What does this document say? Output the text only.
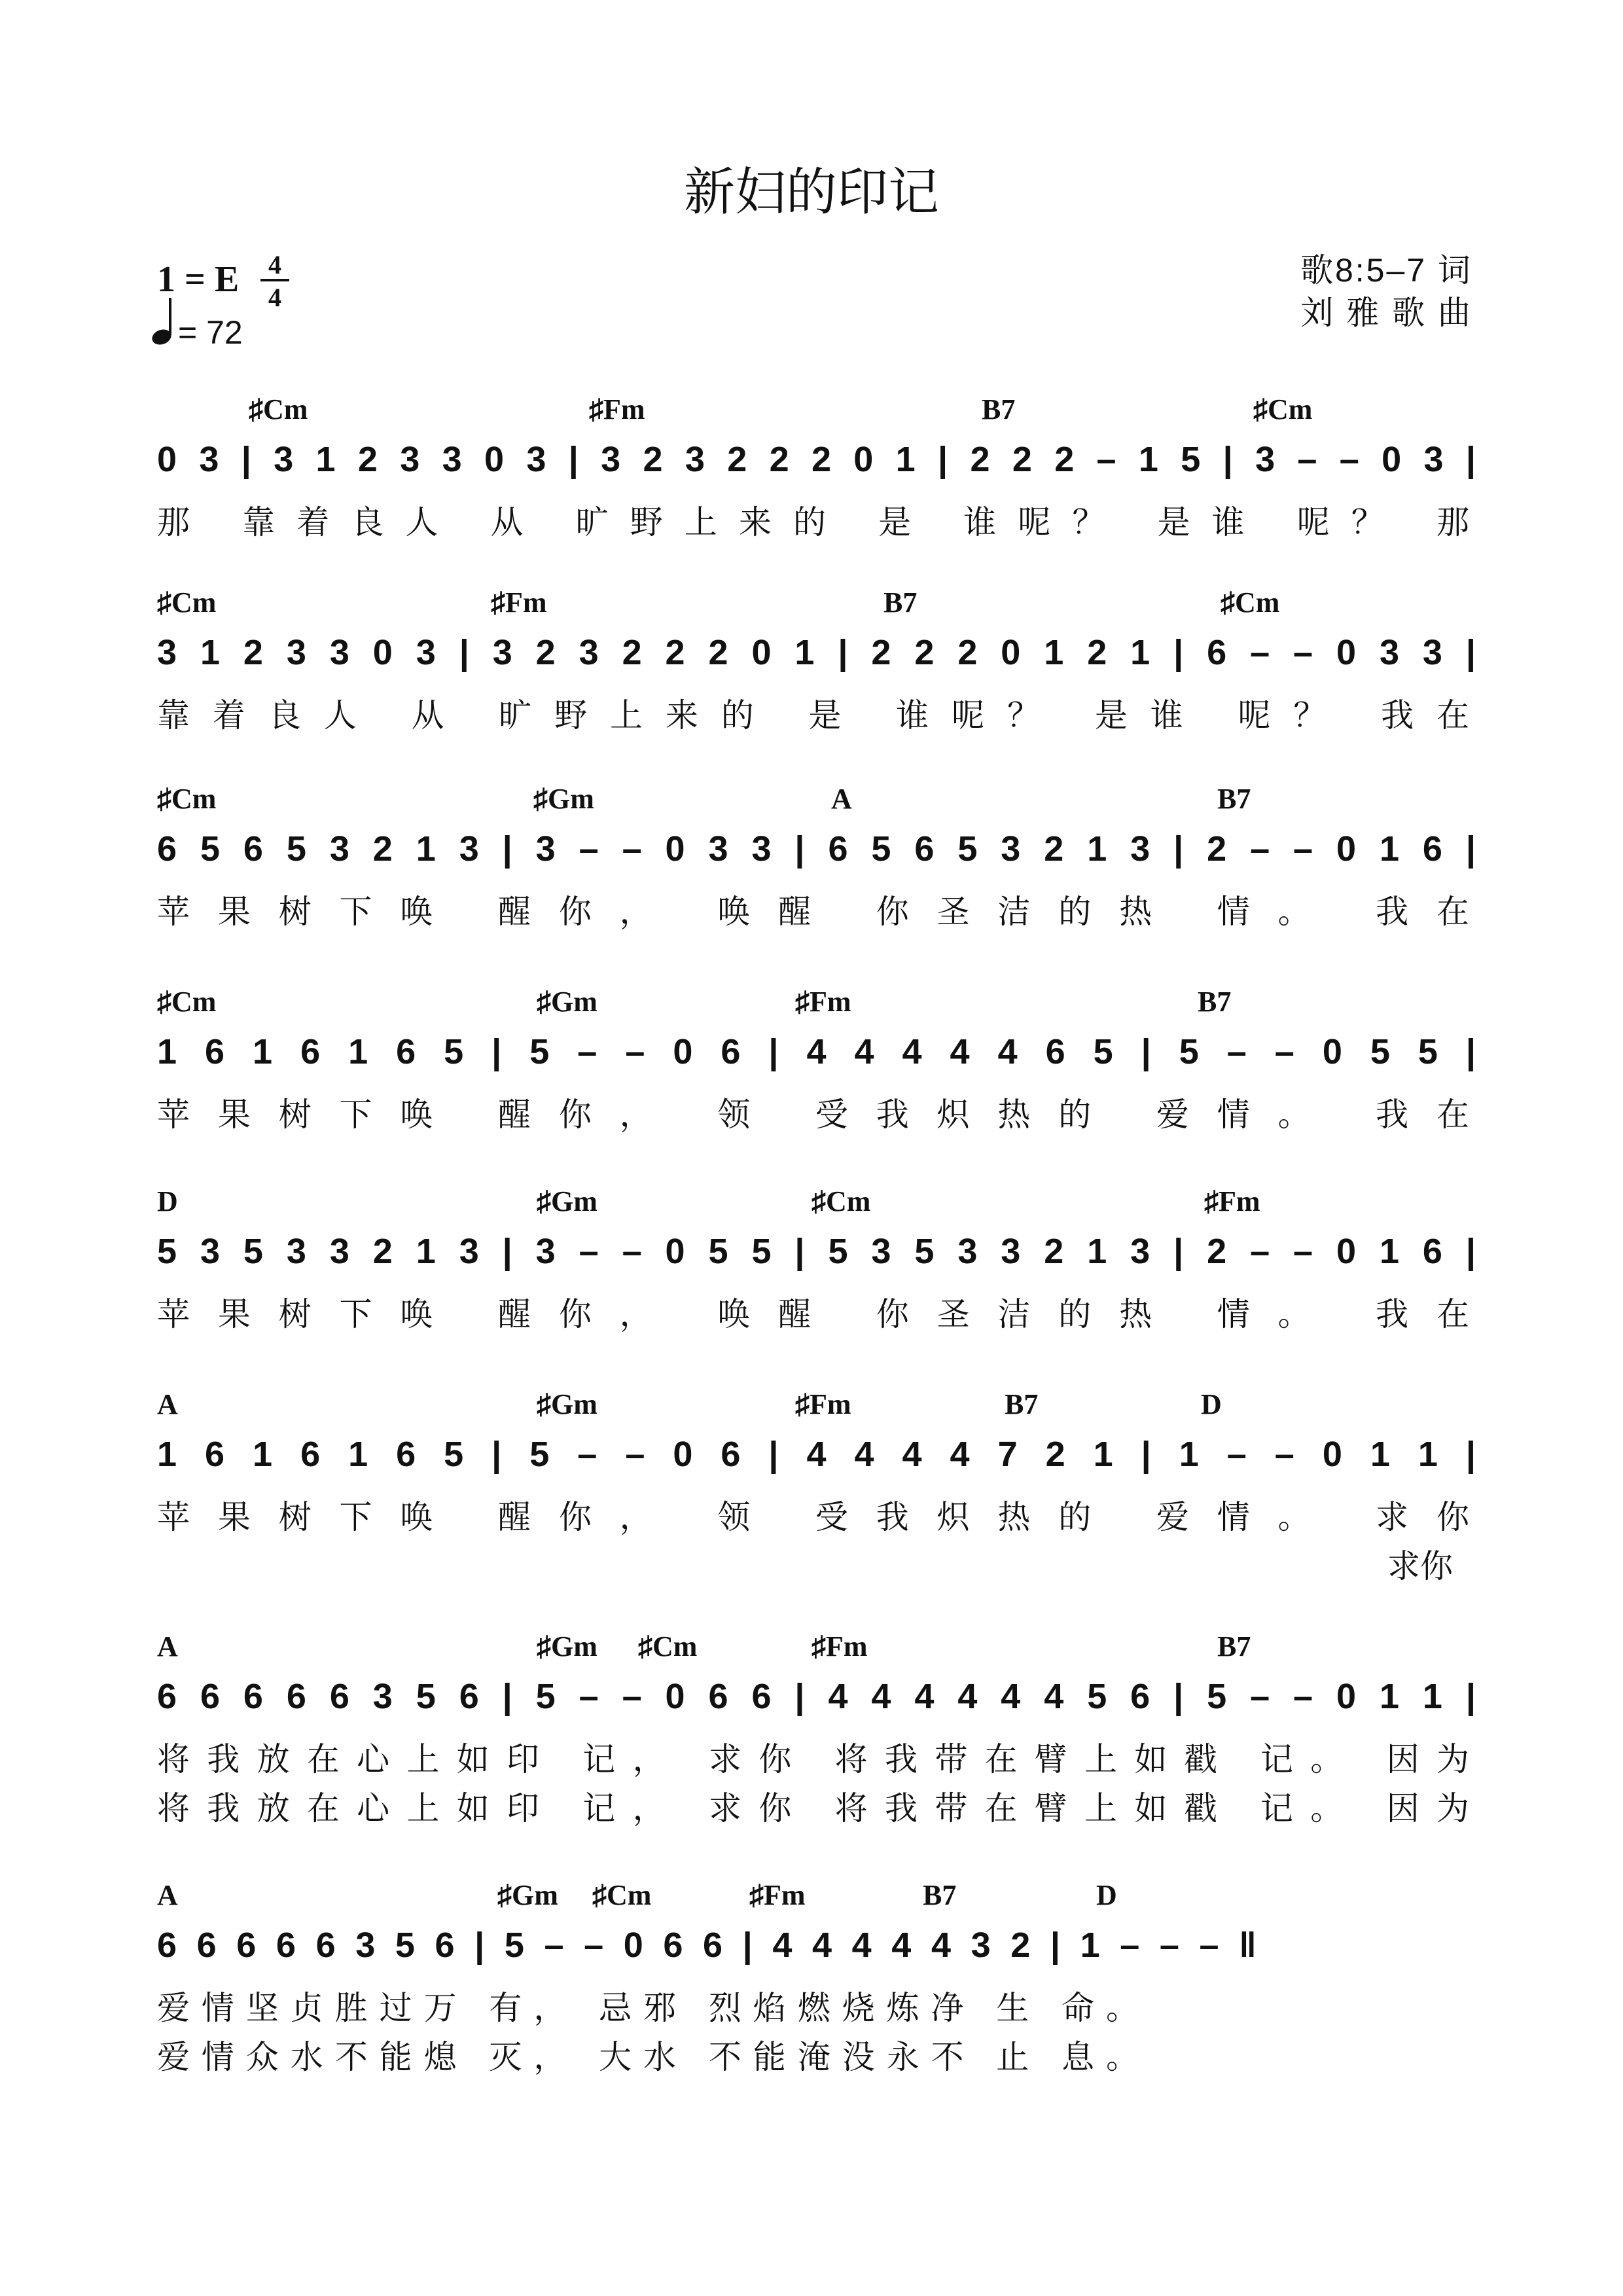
新妇的印记
1 = E 4
4
= 72
歌8:5–7 词
刘 雅 歌 曲
♯Cm	♯Fm	B7	♯Cm
0 3 | 3 1 2 3 3 0 3 | 3 2 3 2 2 2 0 1 | 2 2 2 – 1 5 | 3 – – 0 3 |
那 靠着良人 从 旷野上来的 是 谁呢？ 是谁 呢？ 那
♯Cm	♯Fm	B7	♯Cm
3 1 2 3 3 0 3 | 3 2 3 2 2 2 0 1 | 2 2 2 0 1 2 1 | 6 – – 0 3 3 |
靠着良人 从 旷野上来的 是 谁呢？ 是谁 呢？ 我在
♯Cm	♯Gm	A	B7
6 5 6 5 3 2 1 3 | 3 – – 0 3 3 | 6 5 6 5 3 2 1 3 | 2 – – 0 1 6 |
苹果树下唤 醒你， 唤醒 你圣洁的热 情。 我在
♯Cm	♯Gm	♯Fm	B7
1 6 1 6 1 6 5 | 5 – – 0 6 | 4 4 4 4 4 6 5 | 5 – – 0 5 5 |
苹果树下唤 醒你， 领 受我炽热的 爱情。 我在
D	♯Gm	♯Cm	♯Fm
5 3 5 3 3 2 1 3 | 3 – – 0 5 5 | 5 3 5 3 3 2 1 3 | 2 – – 0 1 6 |
苹果树下唤 醒你， 唤醒 你圣洁的热 情。 我在
A	♯Gm	♯Fm	B7	D
1 6 1 6 1 6 5 | 5 – – 0 6 | 4 4 4 4 7 2 1 | 1 – – 0 1 1 |
苹果树下唤 醒你， 领 受我炽热的 爱情。 求你
求你
A	♯Gm ♯Cm	♯Fm	B7
6 6 6 6 6 3 5 6 | 5 – – 0 6 6 | 4 4 4 4 4 4 5 6 | 5 – – 0 1 1 |
将我放在心上如印 记， 求你 将我带在臂上如戳 记。 因为
将我放在心上如印 记， 求你 将我带在臂上如戳 记。 因为
A	♯Gm ♯Cm	♯Fm	B7	D
6 6 6 6 6 3 5 6 | 5 – – 0 6 6 | 4 4 4 4 4 3 2 | 1 – – – ‖
爱情坚贞胜过万 有， 忌邪 烈焰燃烧炼净 生 命。
爱情众水不能熄 灭， 大水 不能淹没永不 止 息。
